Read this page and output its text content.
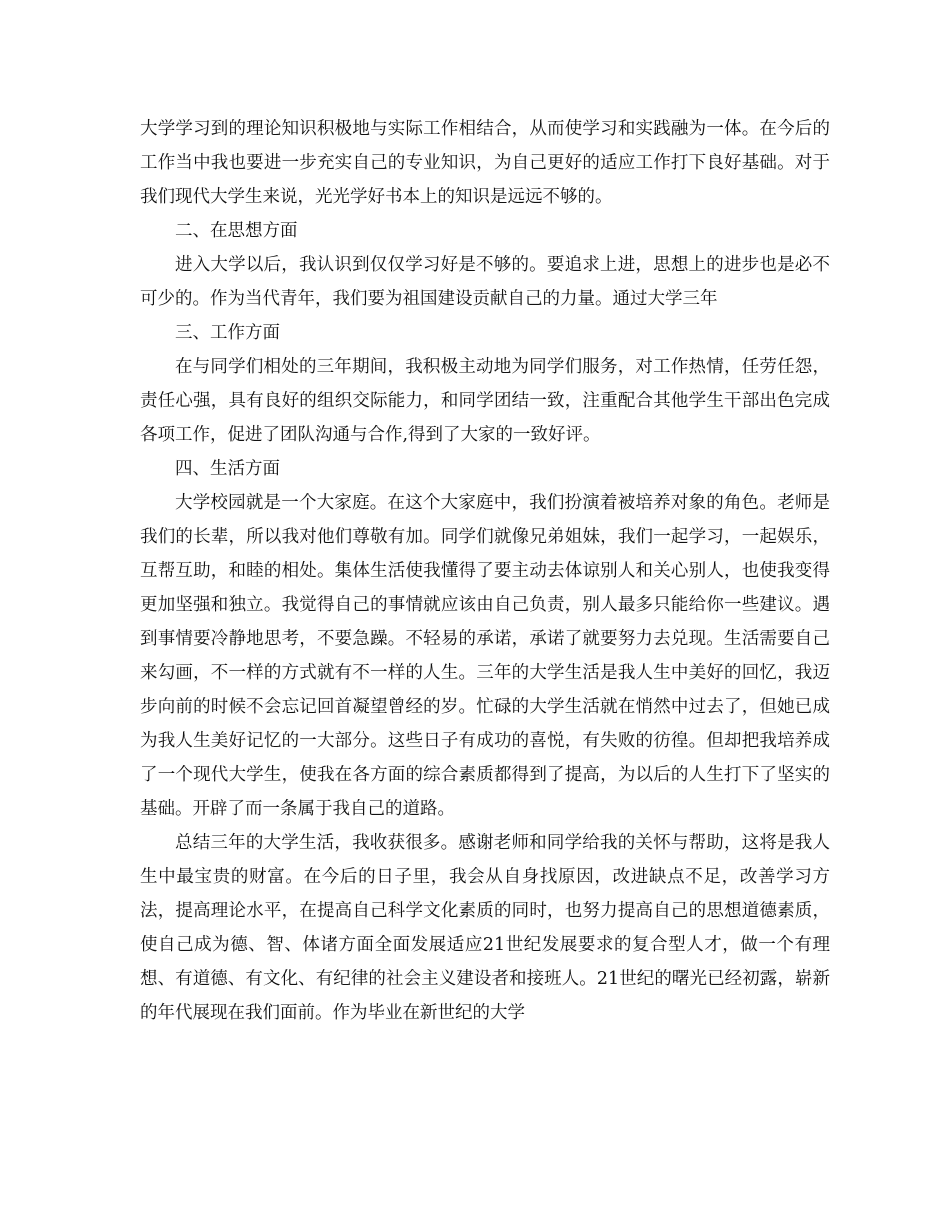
大学学习到的理论知识积极地与实际工作相结合，从而使学习和实践融为一体。在今后的工作当中我也要进一步充实自己的专业知识，为自己更好的适应工作打下良好基础。对于我们现代大学生来说，光光学好书本上的知识是远远不够的。

二、在思想方面

进入大学以后，我认识到仅仅学习好是不够的。要追求上进，思想上的进步也是必不可少的。作为当代青年，我们要为祖国建设贡献自己的力量。通过大学三年

三、工作方面

在与同学们相处的三年期间，我积极主动地为同学们服务，对工作热情，任劳任怨，责任心强，具有良好的组织交际能力，和同学团结一致，注重配合其他学生干部出色完成各项工作，促进了团队沟通与合作,得到了大家的一致好评。

四、生活方面

大学校园就是一个大家庭。在这个大家庭中，我们扮演着被培养对象的角色。老师是我们的长辈，所以我对他们尊敬有加。同学们就像兄弟姐妹，我们一起学习，一起娱乐，互帮互助，和睦的相处。集体生活使我懂得了要主动去体谅别人和关心别人，也使我变得更加坚强和独立。我觉得自己的事情就应该由自己负责，别人最多只能给你一些建议。遇到事情要冷静地思考，不要急躁。不轻易的承诺，承诺了就要努力去兑现。生活需要自己来勾画，不一样的方式就有不一样的人生。三年的大学生活是我人生中美好的回忆，我迈步向前的时候不会忘记回首凝望曾经的岁。忙碌的大学生活就在悄然中过去了，但她已成为我人生美好记忆的一大部分。这些日子有成功的喜悦，有失败的彷徨。但却把我培养成了一个现代大学生，使我在各方面的综合素质都得到了提高，为以后的人生打下了坚实的基础。开辟了而一条属于我自己的道路。

总结三年的大学生活，我收获很多。感谢老师和同学给我的关怀与帮助，这将是我人生中最宝贵的财富。在今后的日子里，我会从自身找原因，改进缺点不足，改善学习方法，提高理论水平，在提高自己科学文化素质的同时，也努力提高自己的思想道德素质，使自己成为德、智、体诸方面全面发展适应21世纪发展要求的复合型人才，做一个有理想、有道德、有文化、有纪律的社会主义建设者和接班人。21世纪的曙光已经初露，崭新的年代展现在我们面前。作为毕业在新世纪的大学
